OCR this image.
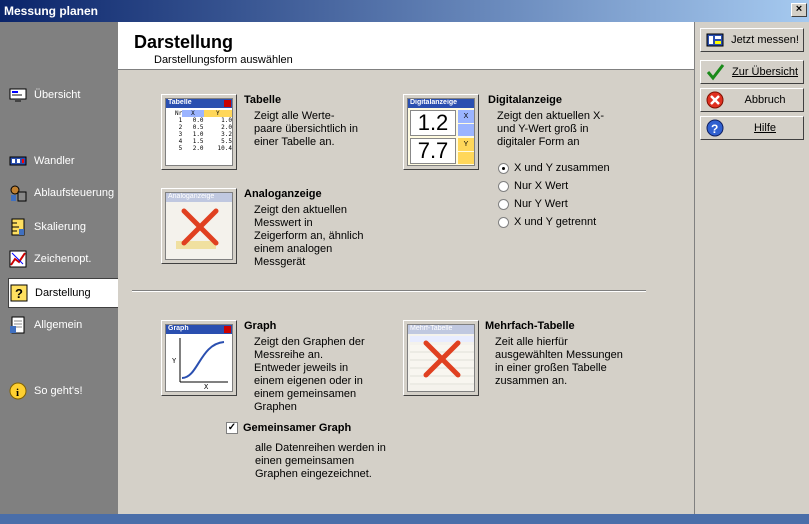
Messung planen	×
Übersicht
Wandler
Ablaufsteuerung
Skalierung
Zeichenopt.
? Darstellung
Allgemein
i So geht's!
Darstellung
Darstellungsform auswählen
Tabelle
Nr	X	Y
1	0.0	1.0
2	0.5	2.0
3	1.0	3.2
4	1.5	5.5
5	2.0	10.4
Tabelle
Zeigt alle Werte-
paare übersichtlich in
einer Tabelle an.
Digitalanzeige
1.2
7.7
X
Y
Digitalanzeige
Zeigt den aktuellen X-
und Y-Wert groß in
digitaler Form an
X und Y zusammen
Nur X Wert
Nur Y Wert
X und Y getrennt
Analoganzeige	Analoganzeige
Zeigt den aktuellen
Messwert in
Zeigerform an, ähnlich
einem analogen
Messgerät
Graph
Y
X
Graph
Zeigt den Graphen der
Messreihe an.
Entweder jeweils in
einem eigenen oder in
einem gemeinsamen
Graphen
✓ Gemeinsamer Graph
alle Datenreihen werden in
einen gemeinsamen
Graphen eingezeichnet.
Mehrf-Tabelle	Mehrfach-Tabelle
Zeit alle hierfür
ausgewählten Messungen
in einer großen Tabelle
zusammen an.
Jetzt messen!
Zur Übersicht
Abbruch
?	Hilfe
